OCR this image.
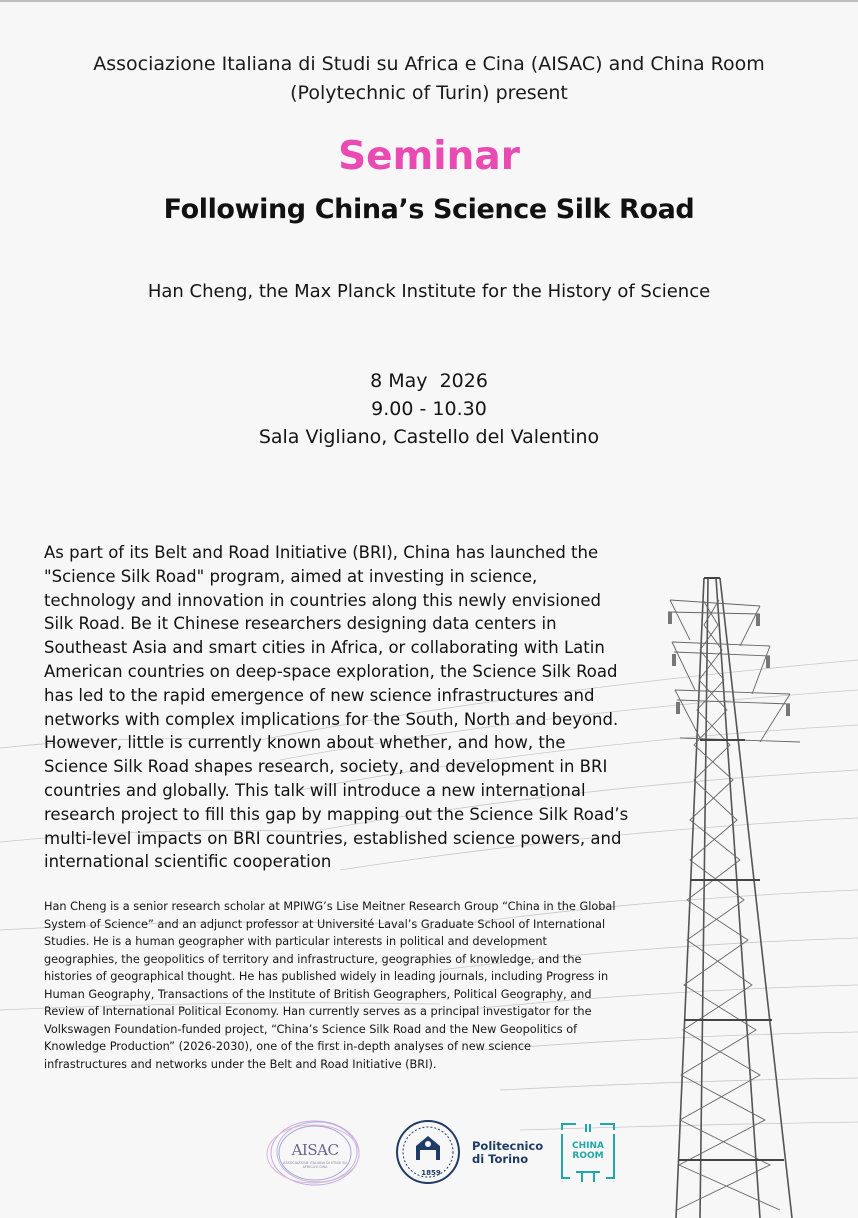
Associazione Italiana di Studi su Africa e Cina (AISAC) and China Room
(Polytechnic of Turin) present
Seminar
Following China’s Science Silk Road
Han Cheng, the Max Planck Institute for the History of Science
8 May  2026
9.00 - 10.30
Sala Vigliano, Castello del Valentino
As part of its Belt and Road Initiative (BRI), China has launched the "Science Silk Road" program, aimed at investing in science, technology and innovation in countries along this newly envisioned Silk Road. Be it Chinese researchers designing data centers in Southeast Asia and smart cities in Africa, or collaborating with Latin American countries on deep-space exploration, the Science Silk Road has led to the rapid emergence of new science infrastructures and networks with complex implications for the South, North and beyond. However, little is currently known about whether, and how, the Science Silk Road shapes research, society, and development in BRI countries and globally. This talk will introduce a new international research project to fill this gap by mapping out the Science Silk Road’s multi-level impacts on BRI countries, established science powers, and international scientific cooperation
Han Cheng is a senior research scholar at MPIWG’s Lise Meitner Research Group “China in the Global System of Science” and an adjunct professor at Université Laval’s Graduate School of International Studies. He is a human geographer with particular interests in political and development geographies, the geopolitics of territory and infrastructure, geographies of knowledge, and the histories of geographical thought. He has published widely in leading journals, including Progress in Human Geography, Transactions of the Institute of British Geographers, Political Geography, and Review of International Political Economy. Han currently serves as a principal investigator for the Volkswagen Foundation-funded project, “China’s Science Silk Road and the New Geopolitics of Knowledge Production” (2026-2030), one of the first in-depth analyses of new science infrastructures and networks under the Belt and Road Initiative (BRI).
AISAC
ASSOCIAZIONE ITALIANA DI STUDI SU AFRICA E CINA
1859
Politecnico
di Torino
CHINA
ROOM
